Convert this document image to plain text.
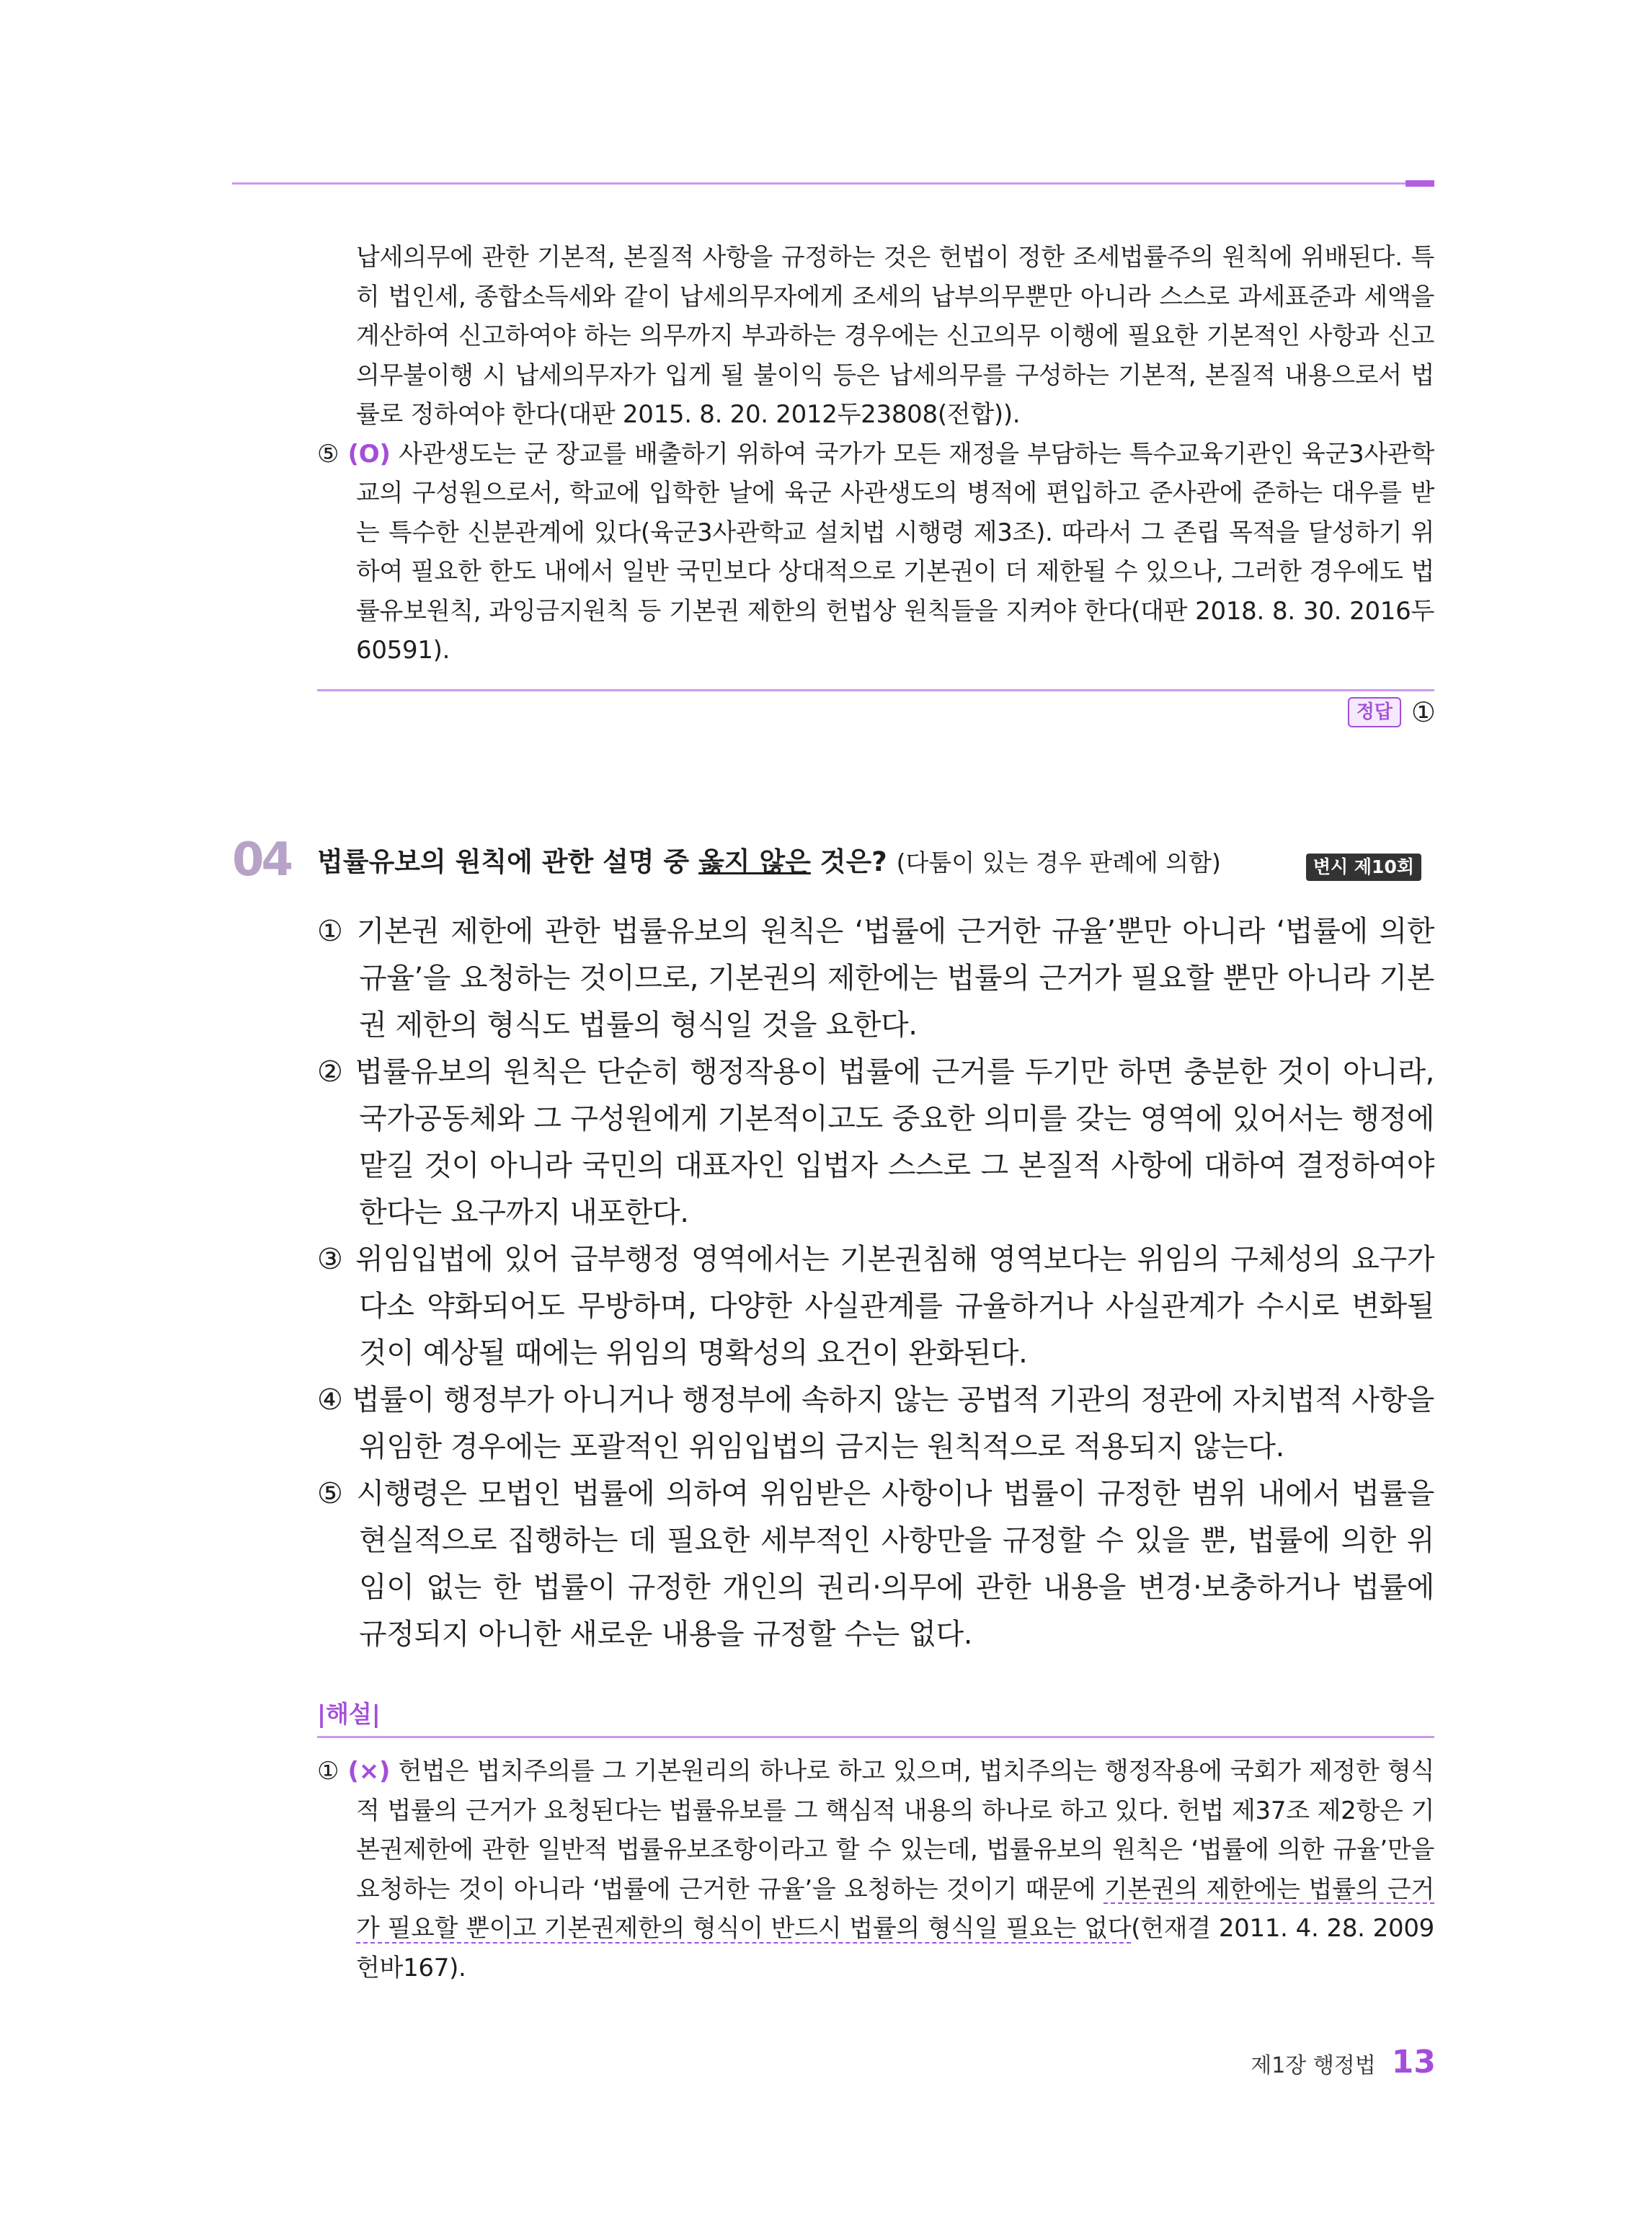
납세의무에 관한 기본적, 본질적 사항을 규정하는 것은 헌법이 정한 조세법률주의 원칙에 위배된다. 특히 법인세, 종합소득세와 같이 납세의무자에게 조세의 납부의무뿐만 아니라 스스로 과세표준과 세액을 계산하여 신고하여야 하는 의무까지 부과하는 경우에는 신고의무 이행에 필요한 기본적인 사항과 신고의무불이행 시 납세의무자가 입게 될 불이익 등은 납세의무를 구성하는 기본적, 본질적 내용으로서 법률로 정하여야 한다(대판 2015. 8. 20. 2012두23808(전합)).

⑤ (O) 사관생도는 군 장교를 배출하기 위하여 국가가 모든 재정을 부담하는 특수교육기관인 육군3사관학교의 구성원으로서, 학교에 입학한 날에 육군 사관생도의 병적에 편입하고 준사관에 준하는 대우를 받는 특수한 신분관계에 있다(육군3사관학교 설치법 시행령 제3조). 따라서 그 존립 목적을 달성하기 위하여 필요한 한도 내에서 일반 국민보다 상대적으로 기본권이 더 제한될 수 있으나, 그러한 경우에도 법률유보원칙, 과잉금지원칙 등 기본권 제한의 헌법상 원칙들을 지켜야 한다(대판 2018. 8. 30. 2016두60591).

정답 ①
04 법률유보의 원칙에 관한 설명 중 옳지 않은 것은? (다툼이 있는 경우 판례에 의함)	변시 제10회

① 기본권 제한에 관한 법률유보의 원칙은 ‘법률에 근거한 규율’뿐만 아니라 ‘법률에 의한 규율’을 요청하는 것이므로, 기본권의 제한에는 법률의 근거가 필요할 뿐만 아니라 기본권 제한의 형식도 법률의 형식일 것을 요한다.

② 법률유보의 원칙은 단순히 행정작용이 법률에 근거를 두기만 하면 충분한 것이 아니라, 국가공동체와 그 구성원에게 기본적이고도 중요한 의미를 갖는 영역에 있어서는 행정에 맡길 것이 아니라 국민의 대표자인 입법자 스스로 그 본질적 사항에 대하여 결정하여야 한다는 요구까지 내포한다.

③ 위임입법에 있어 급부행정 영역에서는 기본권침해 영역보다는 위임의 구체성의 요구가 다소 약화되어도 무방하며, 다양한 사실관계를 규율하거나 사실관계가 수시로 변화될 것이 예상될 때에는 위임의 명확성의 요건이 완화된다.

④ 법률이 행정부가 아니거나 행정부에 속하지 않는 공법적 기관의 정관에 자치법적 사항을 위임한 경우에는 포괄적인 위임입법의 금지는 원칙적으로 적용되지 않는다.

⑤ 시행령은 모법인 법률에 의하여 위임받은 사항이나 법률이 규정한 범위 내에서 법률을 현실적으로 집행하는 데 필요한 세부적인 사항만을 규정할 수 있을 뿐, 법률에 의한 위임이 없는 한 법률이 규정한 개인의 권리·의무에 관한 내용을 변경·보충하거나 법률에 규정되지 아니한 새로운 내용을 규정할 수는 없다.

|해설|

① (×) 헌법은 법치주의를 그 기본원리의 하나로 하고 있으며, 법치주의는 행정작용에 국회가 제정한 형식적 법률의 근거가 요청된다는 법률유보를 그 핵심적 내용의 하나로 하고 있다. 헌법 제37조 제2항은 기본권제한에 관한 일반적 법률유보조항이라고 할 수 있는데, 법률유보의 원칙은 ‘법률에 의한 규율’만을 요청하는 것이 아니라 ‘법률에 근거한 규율’을 요청하는 것이기 때문에 기본권의 제한에는 법률의 근거가 필요할 뿐이고 기본권제한의 형식이 반드시 법률의 형식일 필요는 없다(헌재결 2011. 4. 28. 2009헌바167).

제1장 행정법 13
